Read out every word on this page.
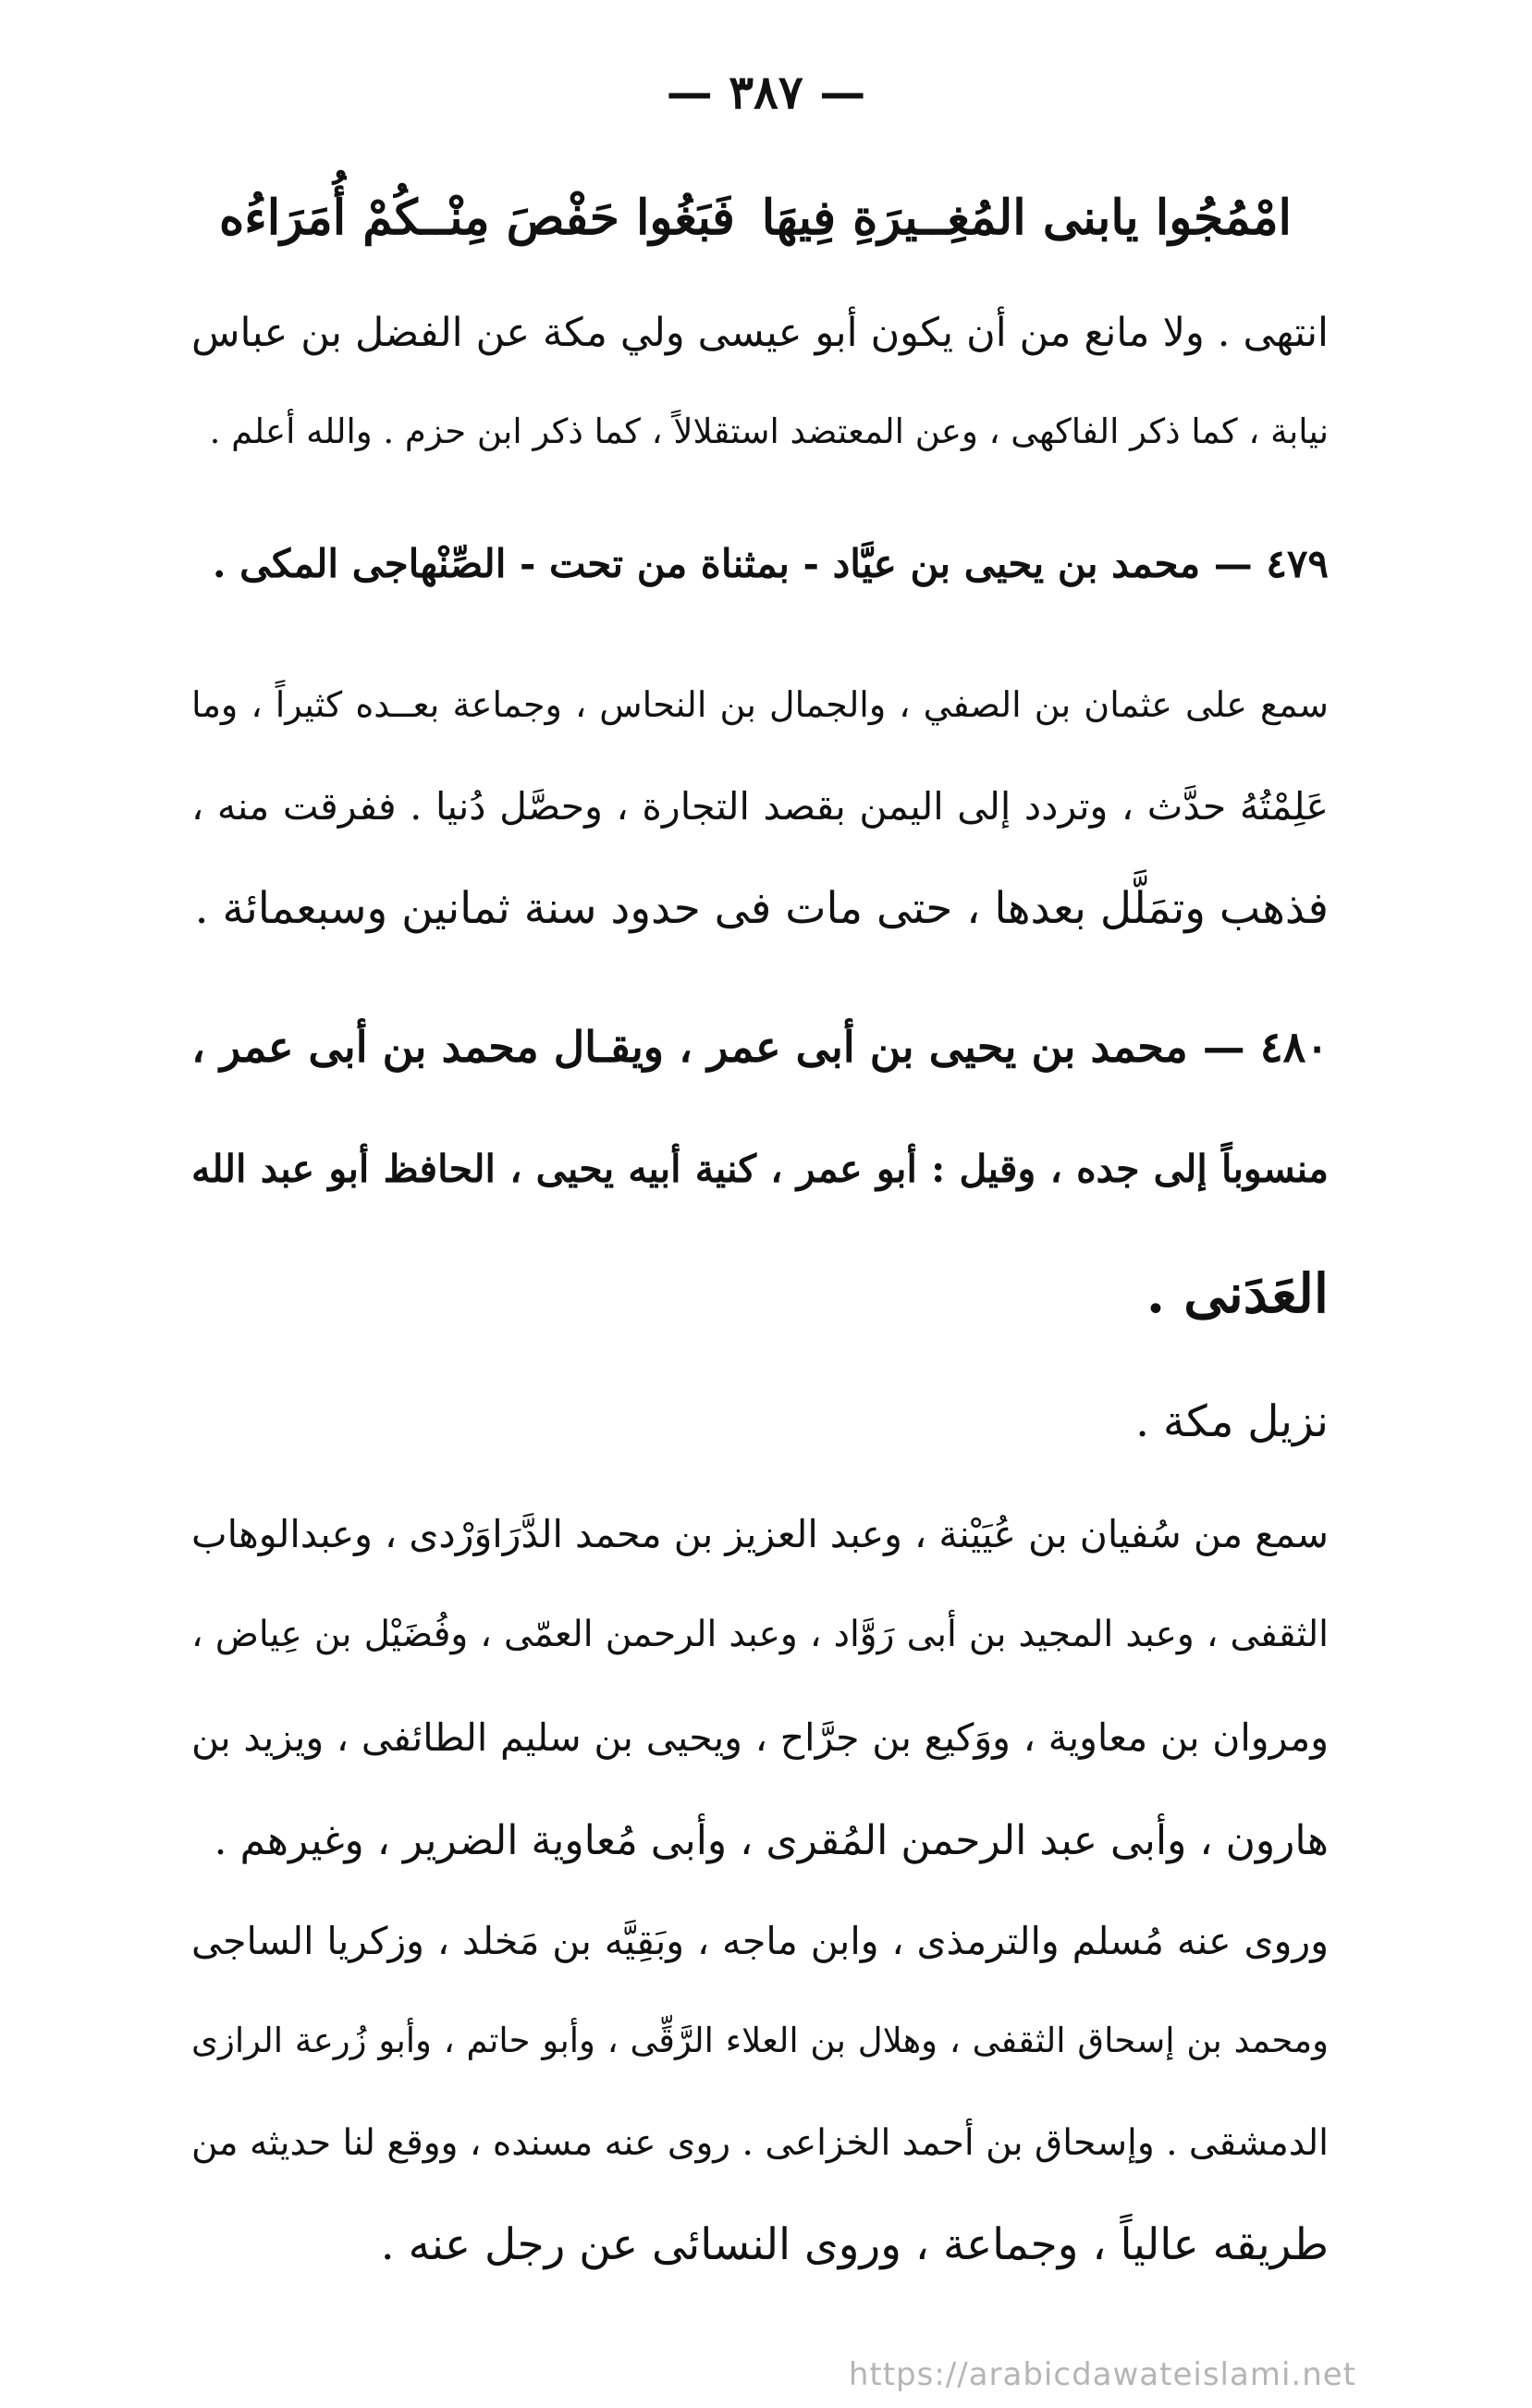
— ٣٨٧ —
امْمُجُوا يابنى المُغِــيرَةِ فِيهَا
فَبَغُوا حَفْصَ مِنْــكُمْ أُمَرَاءُه
انتهى . ولا مانع من أن يكون أبو عيسى ولي مكة عن الفضل بن عباس
نيابة ، كما ذكر الفاكهى ، وعن المعتضد استقلالاً ، كما ذكر ابن حزم . والله أعلم .
٤٧٩ — محمد بن يحيى بن عيَّاد - بمثناة من تحت - الصِّنْهاجى المكى .
سمع على عثمان بن الصفي ، والجمال بن النحاس ، وجماعة بعــده كثيراً ، وما
عَلِمْتُهُ حدَّث ، وتردد إلى اليمن بقصد التجارة ، وحصَّل دُنيا . ففرقت منه ،
فذهب وتمَلَّل بعدها ، حتى مات فى حدود سنة ثمانين وسبعمائة .
٤٨٠ — محمد بن يحيى بن أبى عمر ، ويقـال محمد بن أبى عمر ،
منسوباً إلى جده ، وقيل : أبو عمر ، كنية أبيه يحيى ، الحافظ أبو عبد الله
العَدَنى .
نزيل مكة .
سمع من سُفيان بن عُيَيْنة ، وعبد العزيز بن محمد الدَّرَاوَرْدى ، وعبدالوهاب
الثقفى ، وعبد المجيد بن أبى رَوَّاد ، وعبد الرحمن العمّى ، وفُضَيْل بن عِياض ،
ومروان بن معاوية ، ووَكيع بن جرَّاح ، ويحيى بن سليم الطائفى ، ويزيد بن
هارون ، وأبى عبد الرحمن المُقرى ، وأبى مُعاوية الضرير ، وغيرهم .
وروى عنه مُسلم والترمذى ، وابن ماجه ، وبَقِيَّه بن مَخلد ، وزكريا الساجى
ومحمد بن إسحاق الثقفى ، وهلال بن العلاء الرَّقِّى ، وأبو حاتم ، وأبو زُرعة الرازى
الدمشقى . وإسحاق بن أحمد الخزاعى . روى عنه مسنده ، ووقع لنا حديثه من
طريقه عالياً ، وجماعة ، وروى النسائى عن رجل عنه .
https://arabicdawateislami.net
